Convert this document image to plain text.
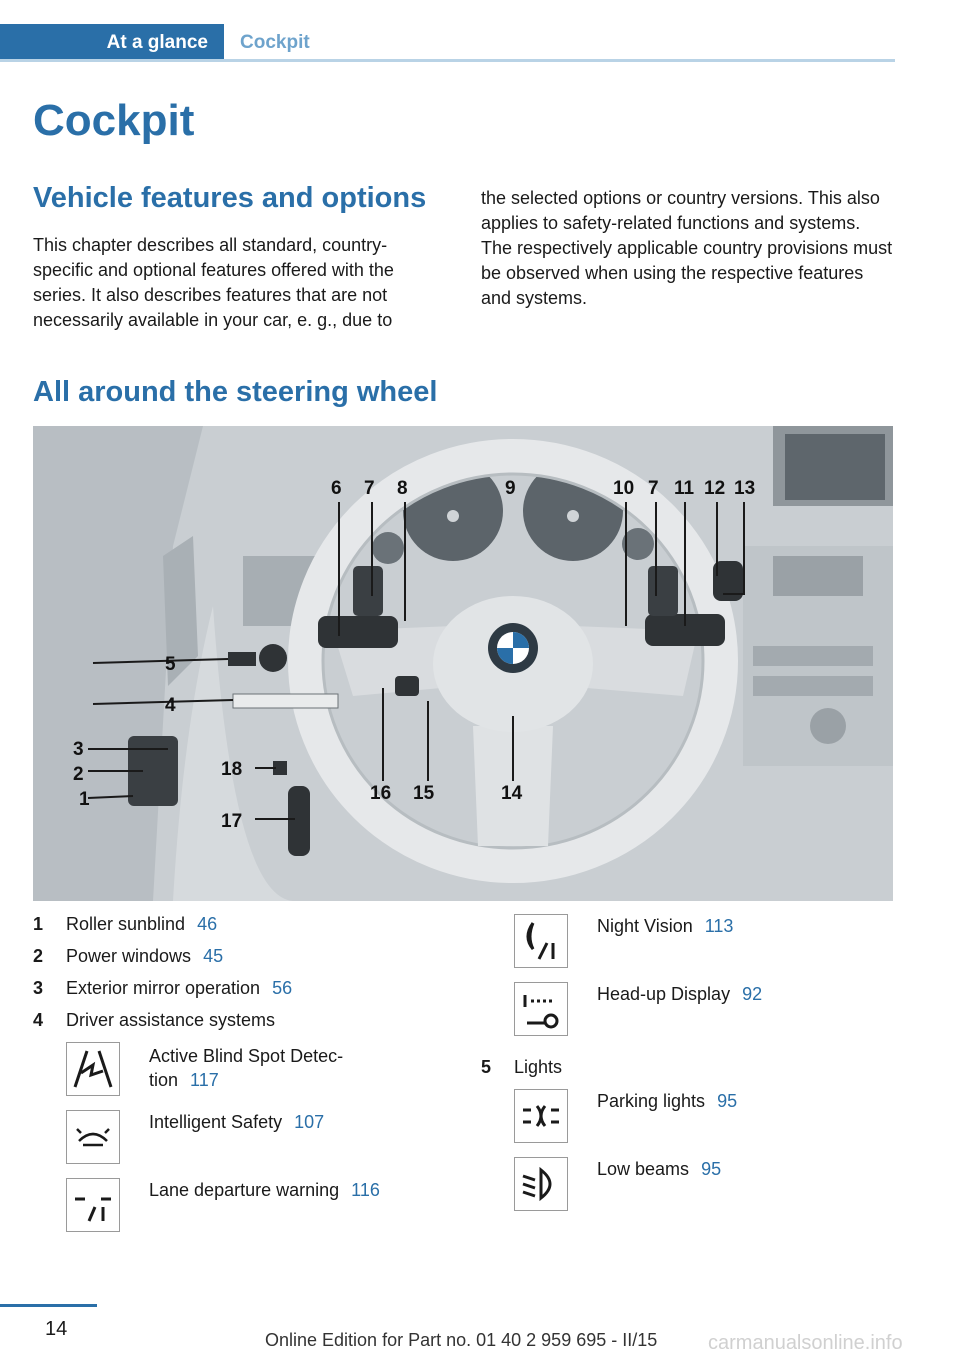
At a glance	Cockpit
Cockpit
Vehicle features and options

This chapter describes all standard, country-specific and optional features offered with the series. It also describes features that are not necessarily available in your car, e. g., due to

the selected options or country versions. This also applies to safety-related functions and systems. The respectively applicable country provisions must be observed when using the respective features and systems.

All around the steering wheel
1
2
3
4
5
6 7 8	9	10 7 11 12 13
14
15
16
17
18
1 Roller sunblind 46
2 Power windows 45
3 Exterior mirror operation 56
4 Driver assistance systems
Active Blind Spot Detec-
tion 117
Intelligent Safety 107
Lane departure warning 116
Night Vision 113
Head-up Display 92
5 Lights
Parking lights 95
Low beams 95
14	Online Edition for Part no. 01 40 2 959 695 - II/15	carmanualsonline.info
